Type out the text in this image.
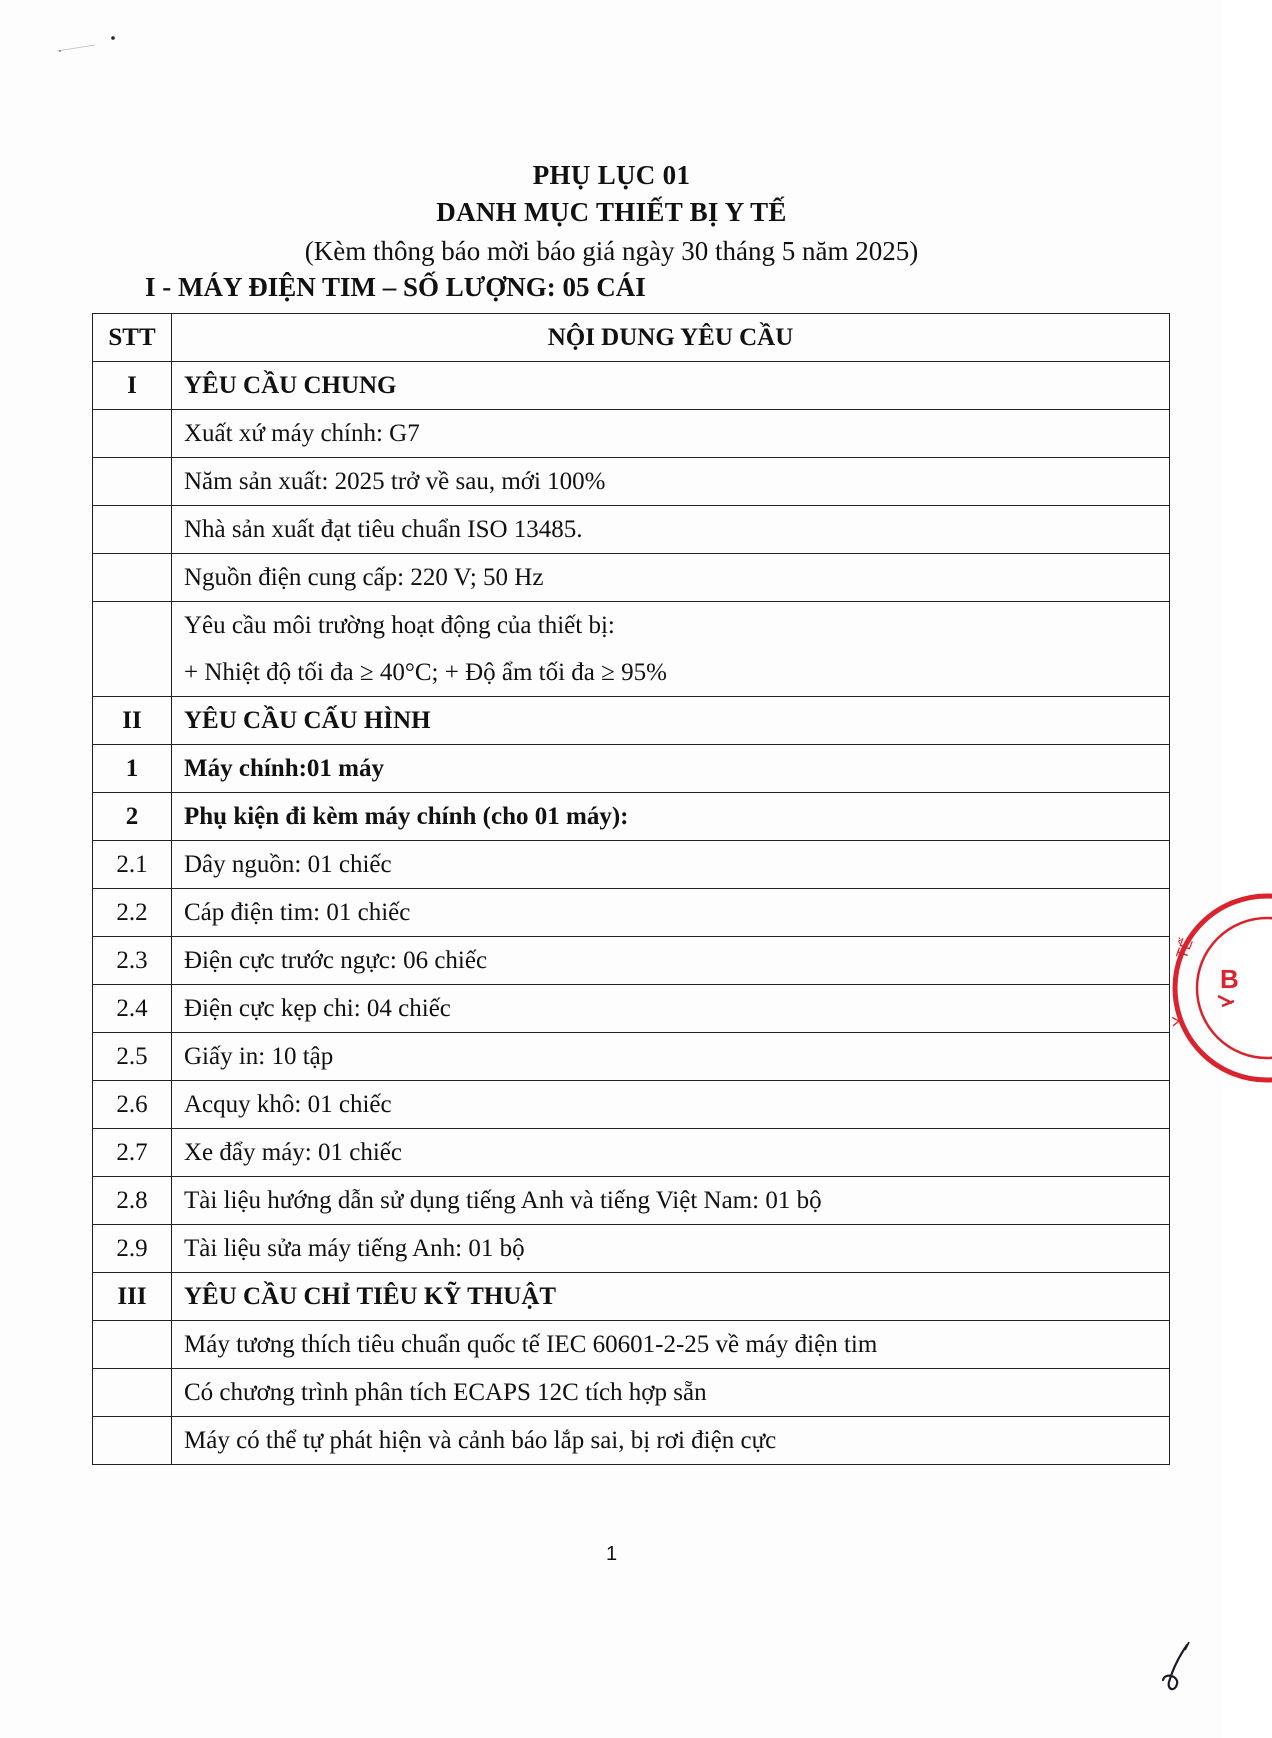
PHỤ LỤC 01
DANH MỤC THIẾT BỊ Y TẾ
(Kèm thông báo mời báo giá ngày 30 tháng 5 năm 2025)
I - MÁY ĐIỆN TIM – SỐ LƯỢNG: 05 CÁI
STT	NỘI DUNG YÊU CẦU
I	YÊU CẦU CHUNG
	Xuất xứ máy chính: G7
	Năm sản xuất: 2025 trở về sau, mới 100%
	Nhà sản xuất đạt tiêu chuẩn ISO 13485.
	Nguồn điện cung cấp: 220 V; 50 Hz

	Yêu cầu môi trường hoạt động của thiết bị:
+ Nhiệt độ tối đa ≥ 40°C; + Độ ẩm tối đa ≥ 95%

II	YÊU CẦU CẤU HÌNH
1	Máy chính:01 máy
2	Phụ kiện đi kèm máy chính (cho 01 máy):
2.1	Dây nguồn: 01 chiếc
2.2	Cáp điện tim: 01 chiếc
2.3	Điện cực trước ngực: 06 chiếc
2.4	Điện cực kẹp chi: 04 chiếc
2.5	Giấy in: 10 tập
2.6	Acquy khô: 01 chiếc
2.7	Xe đẩy máy: 01 chiếc
2.8	Tài liệu hướng dẫn sử dụng tiếng Anh và tiếng Việt Nam: 01 bộ
2.9	Tài liệu sửa máy tiếng Anh: 01 bộ
III	YÊU CẦU CHỈ TIÊU KỸ THUẬT
	Máy tương thích tiêu chuẩn quốc tế IEC 60601-2-25 về máy điện tim
	Có chương trình phân tích ECAPS 12C tích hợp sẵn
	Máy có thể tự phát hiện và cảnh báo lắp sai, bị rơi điện cực
1
TẾ
Y
B
